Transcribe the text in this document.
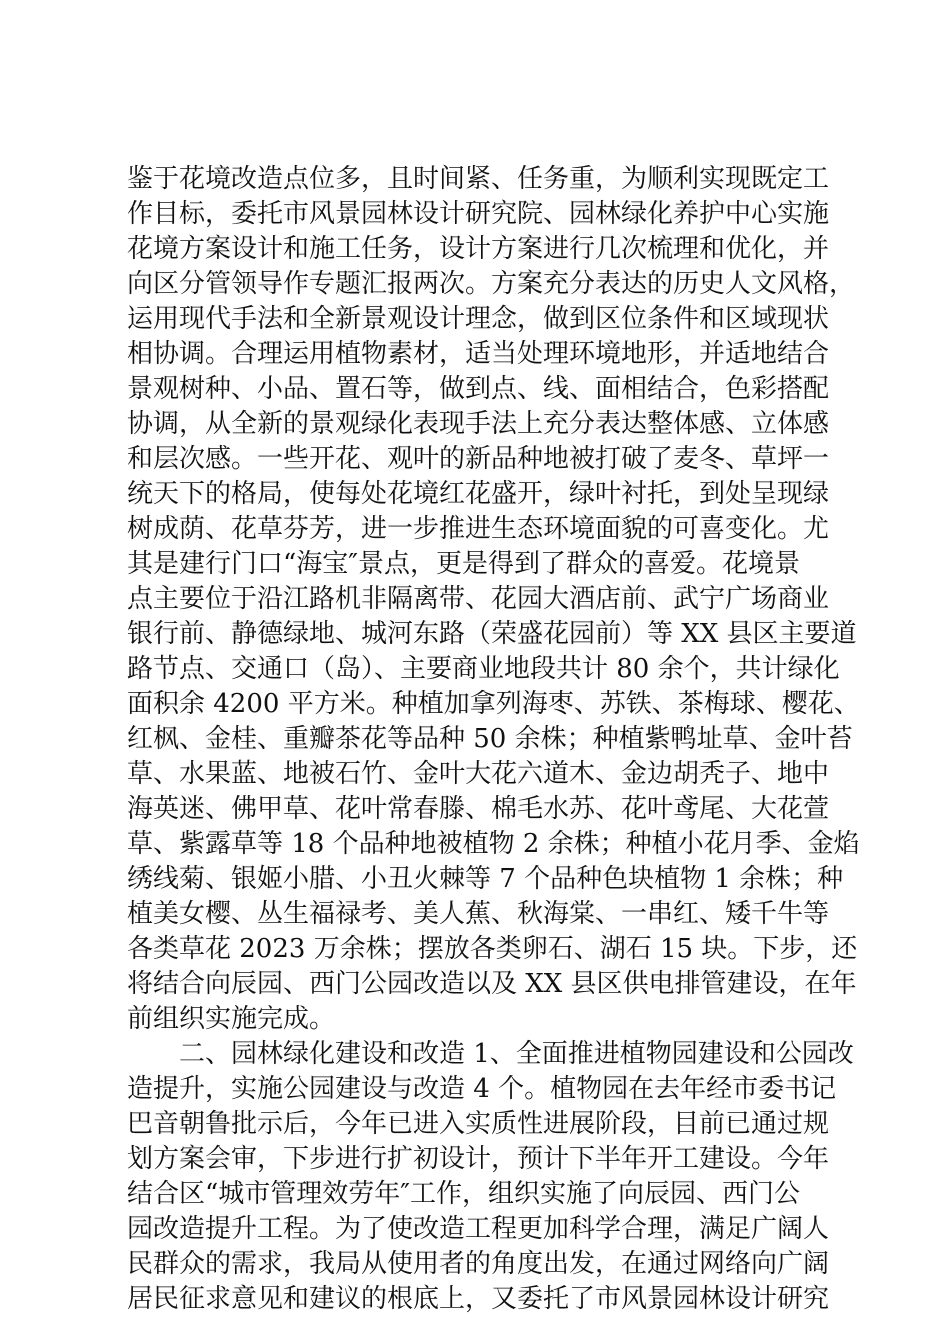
鉴于花境改造点位多，且时间紧、任务重，为顺利实现既定工
作目标，委托市风景园林设计研究院、园林绿化养护中心实施
花境方案设计和施工任务，设计方案进行几次梳理和优化，并
向区分管领导作专题汇报两次。方案充分表达的历史人文风格，
运用现代手法和全新景观设计理念，做到区位条件和区域现状
相协调。合理运用植物素材，适当处理环境地形，并适地结合
景观树种、小品、置石等，做到点、线、面相结合，色彩搭配
协调，从全新的景观绿化表现手法上充分表达整体感、立体感
和层次感。一些开花、观叶的新品种地被打破了麦冬、草坪一
统天下的格局，使每处花境红花盛开，绿叶衬托，到处呈现绿
树成荫、花草芬芳，进一步推进生态环境面貌的可喜变化。尤
其是建行门口“海宝″景点，更是得到了群众的喜爱。花境景
点主要位于沿江路机非隔离带、花园大酒店前、武宁广场商业
银行前、静德绿地、城河东路（荣盛花园前）等 XX 县区主要道
路节点、交通口（岛）、主要商业地段共计 80 余个，共计绿化
面积余 4200 平方米。种植加拿列海枣、苏铁、茶梅球、樱花、
红枫、金桂、重瓣茶花等品种 50 余株；种植紫鸭址草、金叶苔
草、水果蓝、地被石竹、金叶大花六道木、金边胡秃子、地中
海英迷、佛甲草、花叶常春滕、棉毛水苏、花叶鸢尾、大花萱
草、紫露草等 18 个品种地被植物 2 余株；种植小花月季、金焰
绣线菊、银姬小腊、小丑火棘等 7 个品种色块植物 1 余株；种
植美女樱、丛生福禄考、美人蕉、秋海棠、一串红、矮千牛等
各类草花 2023 万余株；摆放各类卵石、湖石 15 块。下步，还
将结合向辰园、西门公园改造以及 XX 县区供电排管建设，在年
前组织实施完成。
二、园林绿化建设和改造 1、全面推进植物园建设和公园改
造提升，实施公园建设与改造 4 个。植物园在去年经市委书记
巴音朝鲁批示后，今年已进入实质性进展阶段，目前已通过规
划方案会审，下步进行扩初设计，预计下半年开工建设。今年
结合区“城市管理效劳年″工作，组织实施了向辰园、西门公
园改造提升工程。为了使改造工程更加科学合理，满足广阔人
民群众的需求，我局从使用者的角度出发，在通过网络向广阔
居民征求意见和建议的根底上，又委托了市风景园林设计研究
